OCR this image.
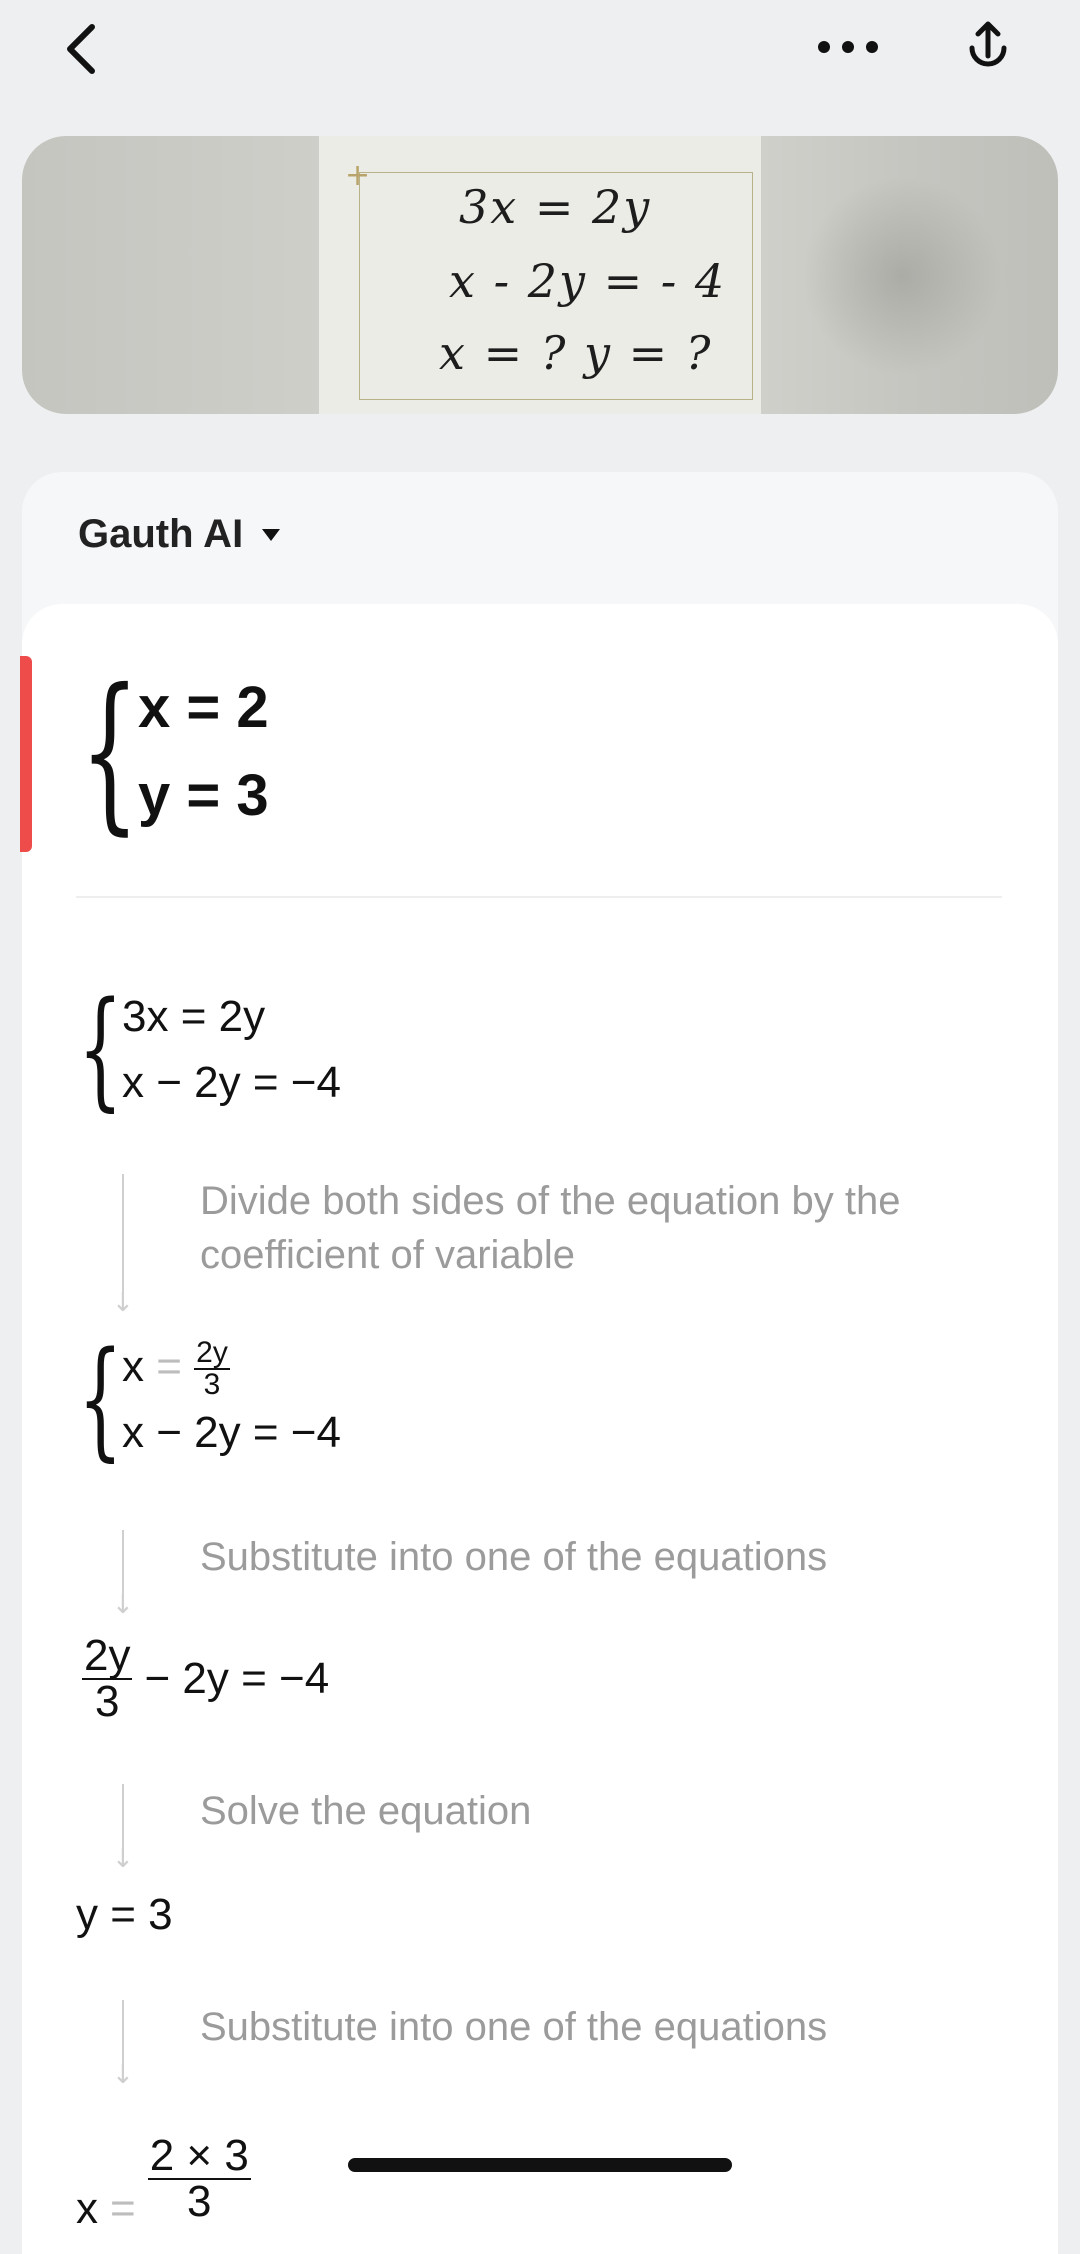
+
3x = 2y
x - 2y = - 4
x = ? y = ?
Gauth AI
{
x = 2
y = 3
{ 3x = 2y
x − 2y = −4
↓
Divide both sides of the equation by the coefficient of variable
{ $x = \frac{2y}{3}$
x − 2y = −4
↓
Substitute into one of the equations
$\frac{2y}{3} - 2y = -4$
↓
Solve the equation
y = 3
↓
Substitute into one of the equations
$x = \frac{2 \times 3}{3}$
